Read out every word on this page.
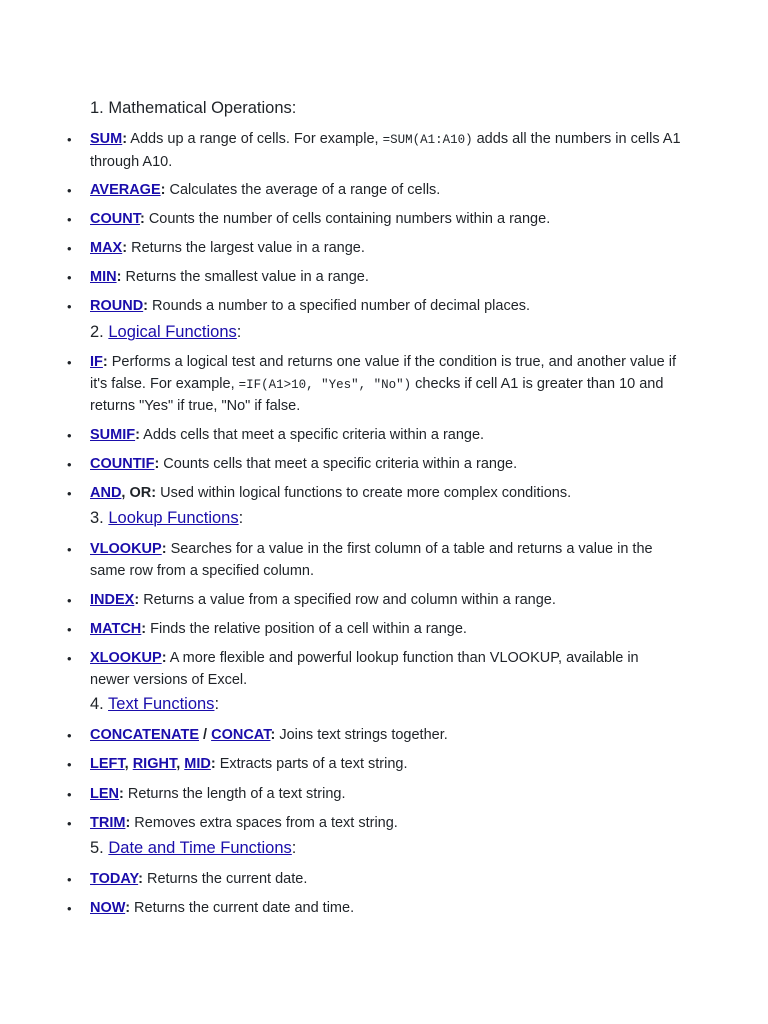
1. Mathematical Operations:
• SUM: Adds up a range of cells. For example, =SUM(A1:A10) adds all the numbers in cells A1 through A10.
• AVERAGE: Calculates the average of a range of cells.
• COUNT: Counts the number of cells containing numbers within a range.
• MAX: Returns the largest value in a range.
• MIN: Returns the smallest value in a range.
• ROUND: Rounds a number to a specified number of decimal places.
2. Logical Functions:
• IF: Performs a logical test and returns one value if the condition is true, and another value if it's false. For example, =IF(A1>10, "Yes", "No") checks if cell A1 is greater than 10 and returns "Yes" if true, "No" if false.
• SUMIF: Adds cells that meet a specific criteria within a range.
• COUNTIF: Counts cells that meet a specific criteria within a range.
• AND, OR: Used within logical functions to create more complex conditions.
3. Lookup Functions:
• VLOOKUP: Searches for a value in the first column of a table and returns a value in the same row from a specified column.
• INDEX: Returns a value from a specified row and column within a range.
• MATCH: Finds the relative position of a cell within a range.
• XLOOKUP: A more flexible and powerful lookup function than VLOOKUP, available in newer versions of Excel.
4. Text Functions:
• CONCATENATE / CONCAT: Joins text strings together.
• LEFT, RIGHT, MID: Extracts parts of a text string.
• LEN: Returns the length of a text string.
• TRIM: Removes extra spaces from a text string.
5. Date and Time Functions:
• TODAY: Returns the current date.
• NOW: Returns the current date and time.
